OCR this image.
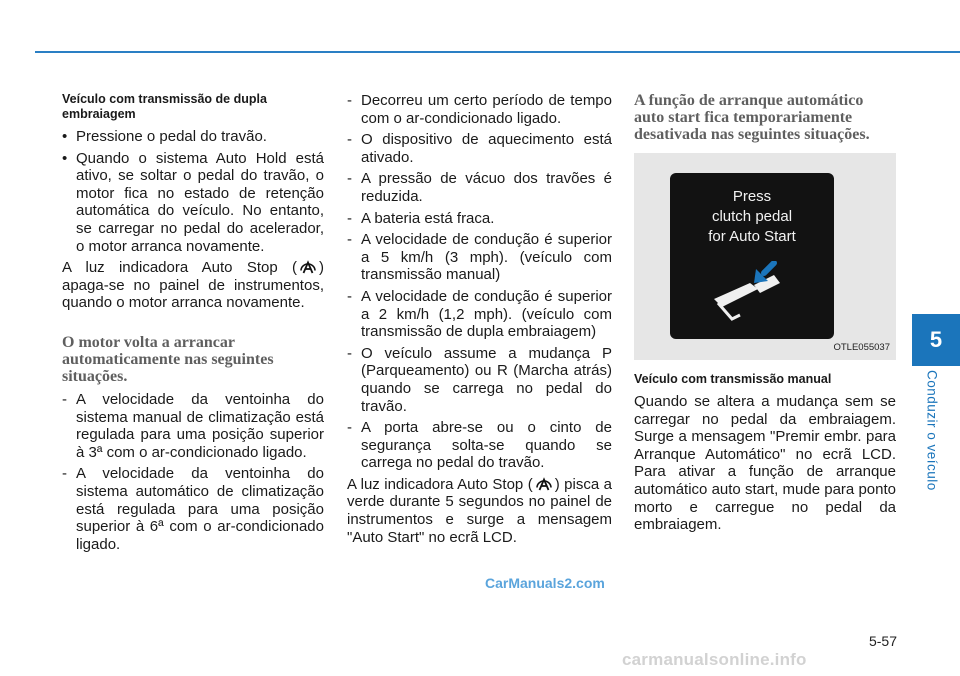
Veículo com transmissão de dupla embraiagem

• Pressione o pedal do travão.
• Quando o sistema Auto Hold está ativo, se soltar o pedal do travão, o motor fica no estado de retenção automática do veículo. No entanto, se carregar no pedal do acelerador, o motor arranca novamente.

A luz indicadora Auto Stop ( ) apaga-se no painel de instrumentos, quando o motor arranca novamente.

O motor volta a arrancar automaticamente nas seguintes situações.

- A velocidade da ventoinha do sistema manual de climatização está regulada para uma posição superior à 3ª com o ar-condicionado ligado.
- A velocidade da ventoinha do sistema automático de climatização está regulada para uma posição superior à 6ª com o ar-condicionado ligado.
- Decorreu um certo período de tempo com o ar-condicionado ligado.
- O dispositivo de aquecimento está ativado.
- A pressão de vácuo dos travões é reduzida.
- A bateria está fraca.
- A velocidade de condução é superior a 5 km/h (3 mph). (veículo com transmissão manual)
- A velocidade de condução é superior a 2 km/h (1,2 mph). (veículo com transmissão de dupla embraiagem)
- O veículo assume a mudança P (Parqueamento) ou R (Marcha atrás) quando se carrega no pedal do travão.
- A porta abre-se ou o cinto de segurança solta-se quando se carrega no pedal do travão.

A luz indicadora Auto Stop ( ) pisca a verde durante 5 segundos no painel de instrumentos e surge a mensagem "Auto Start" no ecrã LCD.

A função de arranque automático auto start fica temporariamente desativada nas seguintes situações.

Press
clutch pedal
for Auto Start
OTLE055037

Veículo com transmissão manual

Quando se altera a mudança sem se carregar no pedal da embraiagem. Surge a mensagem "Premir embr. para Arranque Automático" no ecrã LCD. Para ativar a função de arranque automático auto start, mude para ponto morto e carregue no pedal da embraiagem.

5
Conduzir o veículo
5-57
CarManuals2.com
carmanualsonline.info
